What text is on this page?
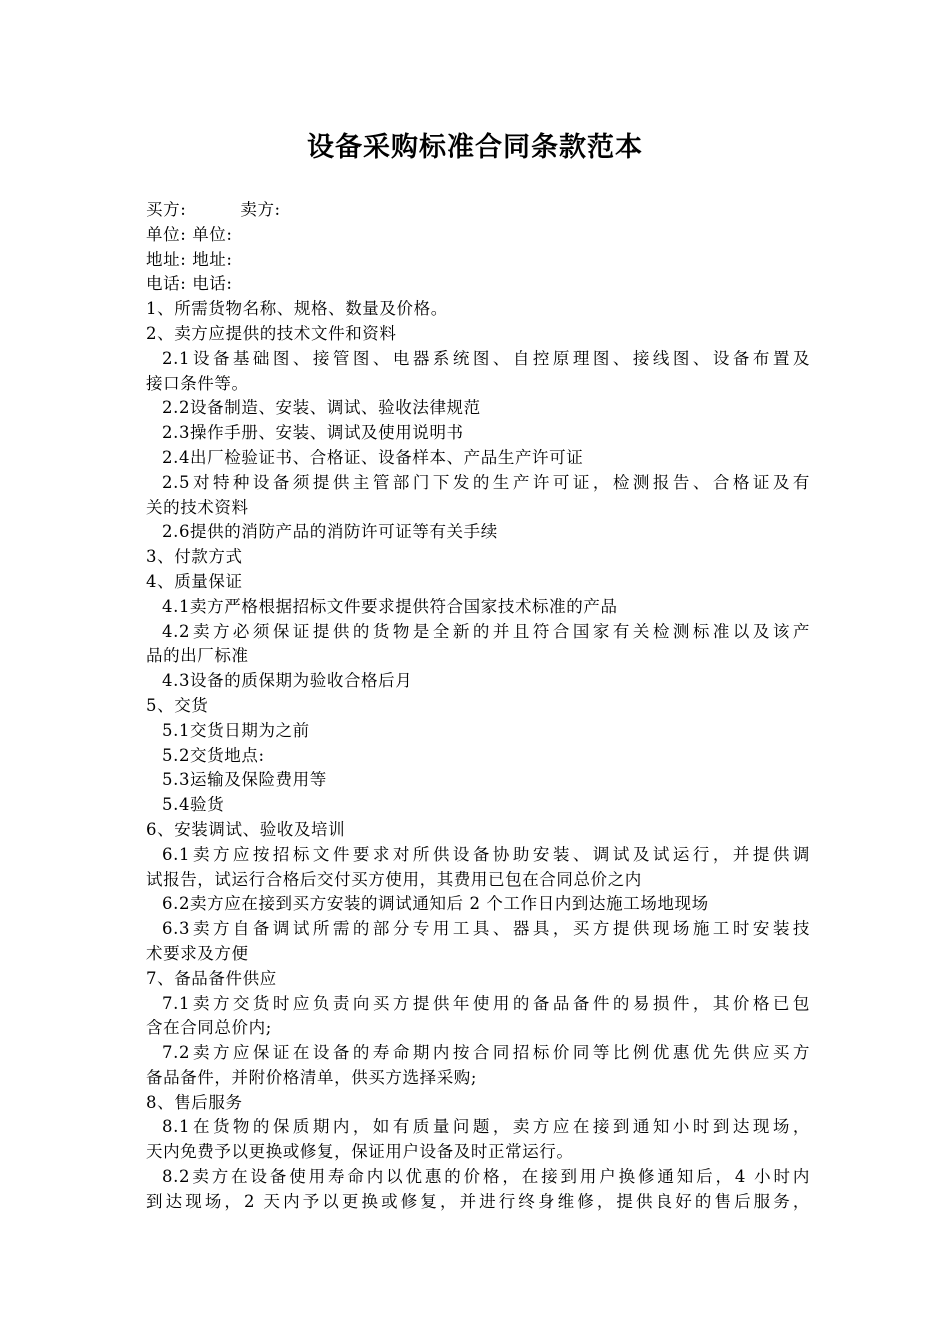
设备采购标准合同条款范本
买方:	卖方:
单位: 单位:
地址: 地址:
电话: 电话:
1、所需货物名称、规格、数量及价格。
2、卖方应提供的技术文件和资料
2.1设备基础图、接管图、电器系统图、自控原理图、接线图、设备布置及
接口条件等。
2.2设备制造、安装、调试、验收法律规范
2.3操作手册、安装、调试及使用说明书
2.4出厂检验证书、合格证、设备样本、产品生产许可证
2.5对特种设备须提供主管部门下发的生产许可证，检测报告、合格证及有
关的技术资料
2.6提供的消防产品的消防许可证等有关手续
3、付款方式
4、质量保证
4.1卖方严格根据招标文件要求提供符合国家技术标准的产品
4.2卖方必须保证提供的货物是全新的并且符合国家有关检测标准以及该产
品的出厂标准
4.3设备的质保期为验收合格后月
5、交货
5.1交货日期为之前
5.2交货地点:
5.3运输及保险费用等
5.4验货
6、安装调试、验收及培训
6.1卖方应按招标文件要求对所供设备协助安装、调试及试运行，并提供调
试报告，试运行合格后交付买方使用，其费用已包在合同总价之内
6.2卖方应在接到买方安装的调试通知后 2 个工作日内到达施工场地现场
6.3卖方自备调试所需的部分专用工具、器具，买方提供现场施工时安装技
术要求及方便
7、备品备件供应
7.1卖方交货时应负责向买方提供年使用的备品备件的易损件，其价格已包
含在合同总价内;
7.2卖方应保证在设备的寿命期内按合同招标价同等比例优惠优先供应买方
备品备件，并附价格清单，供买方选择采购;
8、售后服务
8.1在货物的保质期内，如有质量问题，卖方应在接到通知小时到达现场，
天内免费予以更换或修复，保证用户设备及时正常运行。
8.2卖方在设备使用寿命内以优惠的价格，在接到用户换修通知后，4 小时内
到达现场，2 天内予以更换或修复，并进行终身维修，提供良好的售后服务，
